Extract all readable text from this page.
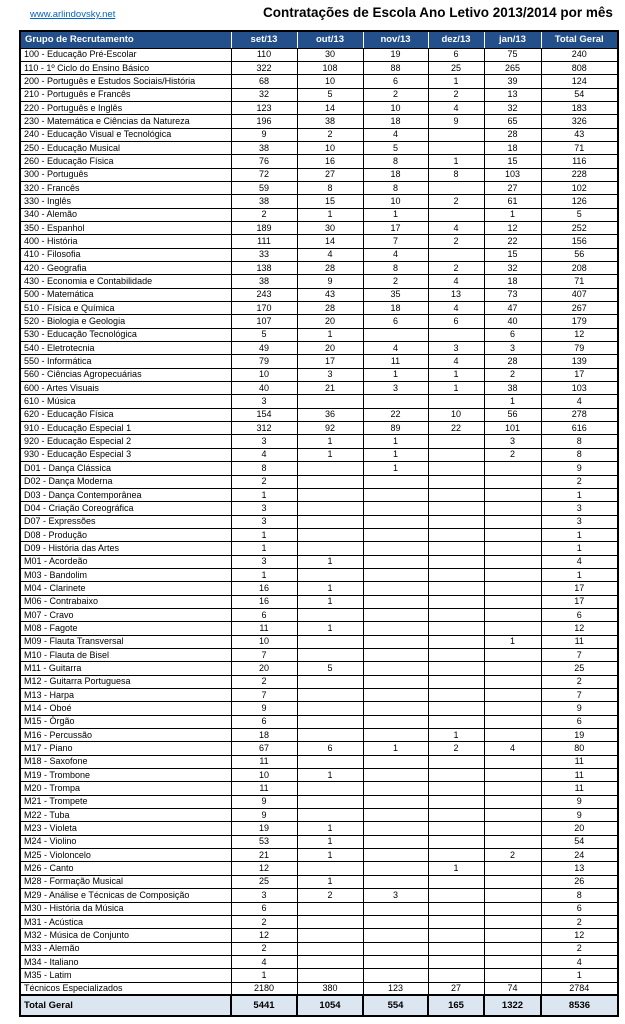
www.arlindovsky.net	Contratações de Escola Ano Letivo 2013/2014 por mês
Grupo de Recrutamento	set/13	out/13	nov/13	dez/13	jan/13	Total Geral
100 - Educação Pré-Escolar	110	30	19	6	75	240
110 - 1º Ciclo do Ensino Básico	322	108	88	25	265	808
200 - Português e Estudos Sociais/História	68	10	6	1	39	124
210 - Português e Francês	32	5	2	2	13	54
220 - Português e Inglês	123	14	10	4	32	183
230 - Matemática e Ciências da Natureza	196	38	18	9	65	326
240 - Educação Visual e Tecnológica	9	2	4		28	43
250 - Educação Musical	38	10	5		18	71
260 - Educação Física	76	16	8	1	15	116
300 - Português	72	27	18	8	103	228
320 - Francês	59	8	8		27	102
330 - Inglês	38	15	10	2	61	126
340 - Alemão	2	1	1		1	5
350 - Espanhol	189	30	17	4	12	252
400 - História	111	14	7	2	22	156
410 - Filosofia	33	4	4		15	56
420 - Geografia	138	28	8	2	32	208
430 - Economia e Contabilidade	38	9	2	4	18	71
500 - Matemática	243	43	35	13	73	407
510 - Física e Química	170	28	18	4	47	267
520 - Biologia e Geologia	107	20	6	6	40	179
530 - Educação Tecnológica	5	1			6	12
540 - Eletrotecnia	49	20	4	3	3	79
550 - Informática	79	17	11	4	28	139
560 - Ciências Agropecuárias	10	3	1	1	2	17
600 - Artes Visuais	40	21	3	1	38	103
610 - Música	3				1	4
620 - Educação Física	154	36	22	10	56	278
910 - Educação Especial 1	312	92	89	22	101	616
920 - Educação Especial 2	3	1	1		3	8
930 - Educação Especial 3	4	1	1		2	8
D01 - Dança Clássica	8		1			9
D02 - Dança Moderna	2					2
D03 - Dança Contemporânea	1					1
D04 - Criação Coreográfica	3					3
D07 - Expressões	3					3
D08 - Produção	1					1
D09 - História das Artes	1					1
M01 - Acordeão	3	1				4
M03 - Bandolim	1					1
M04 - Clarinete	16	1				17
M06 - Contrabaixo	16	1				17
M07 - Cravo	6					6
M08 - Fagote	11	1				12
M09 - Flauta Transversal	10				1	11
M10 - Flauta de Bisel	7					7
M11 - Guitarra	20	5				25
M12 - Guitarra Portuguesa	2					2
M13 - Harpa	7					7
M14 - Oboé	9					9
M15 - Órgão	6					6
M16 - Percussão	18			1		19
M17 - Piano	67	6	1	2	4	80
M18 - Saxofone	11					11
M19 - Trombone	10	1				11
M20 - Trompa	11					11
M21 - Trompete	9					9
M22 - Tuba	9					9
M23 - Violeta	19	1				20
M24 - Violino	53	1				54
M25 - Violoncelo	21	1			2	24
M26 - Canto	12			1		13
M28 - Formação Musical	25	1				26
M29 - Análise e Técnicas de Composição	3	2	3			8
M30 - História da Música	6					6
M31 - Acústica	2					2
M32 - Música de Conjunto	12					12
M33 - Alemão	2					2
M34 - Italiano	4					4
M35 - Latim	1					1
Técnicos Especializados	2180	380	123	27	74	2784
Total Geral	5441	1054	554	165	1322	8536
